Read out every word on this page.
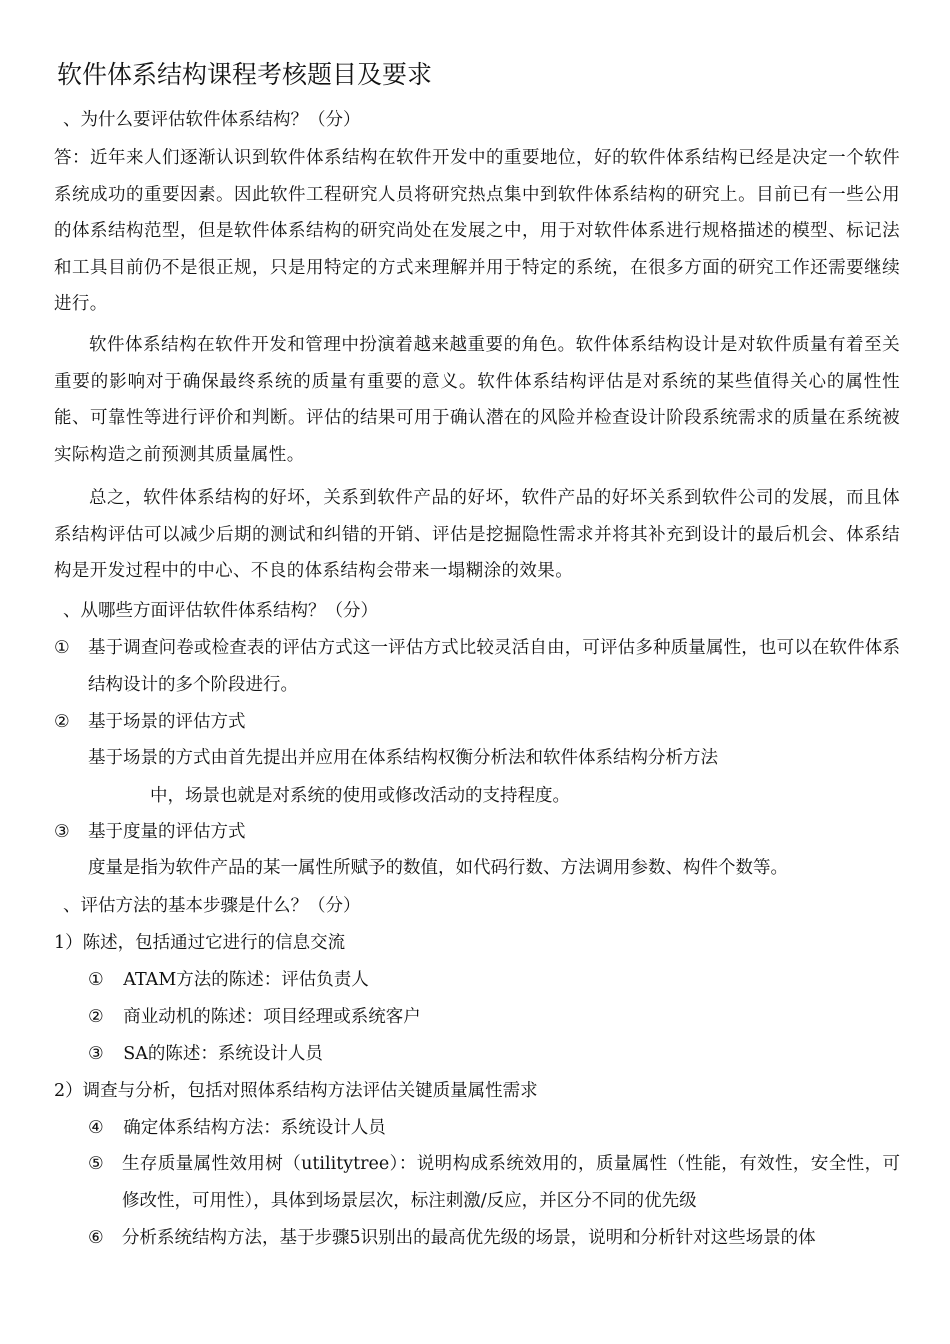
软件体系结构课程考核题目及要求
、为什么要评估软件体系结构？（分）

答：近年来人们逐渐认识到软件体系结构在软件开发中的重要地位，好的软件体系结构已经是决定一个软件系统成功的重要因素。因此软件工程研究人员将研究热点集中到软件体系结构的研究上。目前已有一些公用的体系结构范型，但是软件体系结构的研究尚处在发展之中，用于对软件体系进行规格描述的模型、标记法和工具目前仍不是很正规，只是用特定的方式来理解并用于特定的系统，在很多方面的研究工作还需要继续进行。

软件体系结构在软件开发和管理中扮演着越来越重要的角色。软件体系结构设计是对软件质量有着至关重要的影响对于确保最终系统的质量有重要的意义。软件体系结构评估是对系统的某些值得关心的属性性能、可靠性等进行评价和判断。评估的结果可用于确认潜在的风险并检查设计阶段系统需求的质量在系统被实际构造之前预测其质量属性。

总之，软件体系结构的好坏，关系到软件产品的好坏，软件产品的好坏关系到软件公司的发展，而且体系结构评估可以减少后期的测试和纠错的开销、评估是挖掘隐性需求并将其补充到设计的最后机会、体系结构是开发过程中的中心、不良的体系结构会带来一塌糊涂的效果。

、从哪些方面评估软件体系结构？（分）
① 基于调查问卷或检查表的评估方式这一评估方式比较灵活自由，可评估多种质量属性，也可以在软件体系结构设计的多个阶段进行。
② 基于场景的评估方式
基于场景的方式由首先提出并应用在体系结构权衡分析法和软件体系结构分析方法
中，场景也就是对系统的使用或修改活动的支持程度。
③ 基于度量的评估方式
度量是指为软件产品的某一属性所赋予的数值，如代码行数、方法调用参数、构件个数等。
、评估方法的基本步骤是什么？（分）
1）陈述，包括通过它进行的信息交流
① ATAM方法的陈述：评估负责人
② 商业动机的陈述：项目经理或系统客户
③ SA的陈述：系统设计人员
2）调查与分析，包括对照体系结构方法评估关键质量属性需求
④ 确定体系结构方法：系统设计人员
⑤ 生存质量属性效用树（utilitytree）：说明构成系统效用的，质量属性（性能，有效性，安全性，可修改性，可用性），具体到场景层次，标注刺激/反应，并区分不同的优先级
⑥ 分析系统结构方法，基于步骤5识别出的最高优先级的场景，说明和分析针对这些场景的体
